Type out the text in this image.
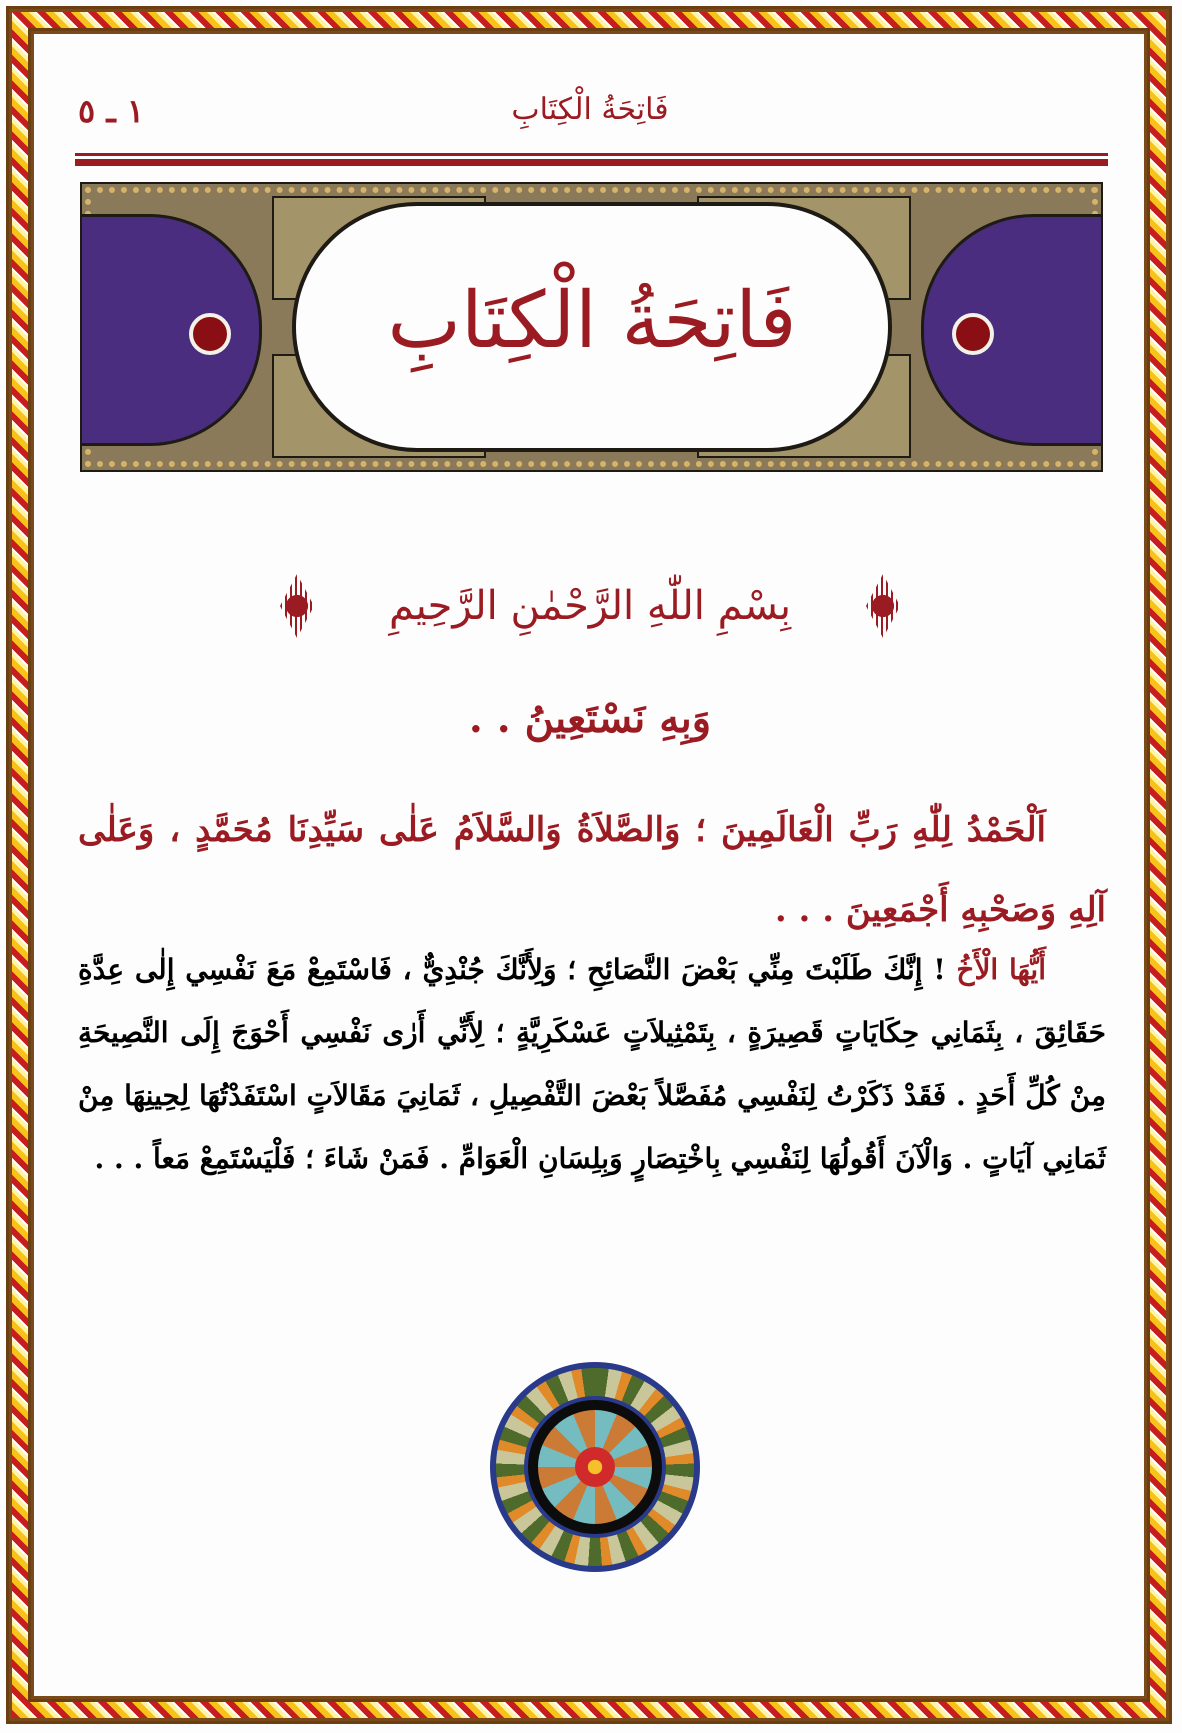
فَاتِحَةُ الْكِتَابِ
١ ـ ٥
فَاتِحَةُ الْكِتَابِ
بِسْمِ اللّٰهِ الرَّحْمٰنِ الرَّحِيمِ
وَبِهِ نَسْتَعِينُ . .
اَلْحَمْدُ لِلّٰهِ رَبِّ الْعَالَمِينَ ؛ وَالصَّلاَةُ وَالسَّلاَمُ عَلٰى سَيِّدِنَا مُحَمَّدٍ ، وَعَلٰى آلِهِ وَصَحْبِهِ أَجْمَعِينَ . . .
أَيُّهَا الْأَخُ ! إِنَّكَ طَلَبْتَ مِنِّي بَعْضَ النَّصَائِحِ ؛ وَلِأَنَّكَ جُنْدِيٌّ ، فَاسْتَمِعْ مَعَ نَفْسِي إِلٰى عِدَّةِ حَقَائِقَ ، بِثَمَانِي حِكَايَاتٍ قَصِيرَةٍ ، بِتَمْثِيلاَتٍ عَسْكَرِيَّةٍ ؛ لِأَنِّي أَرٰى نَفْسِي أَحْوَجَ إِلَى النَّصِيحَةِ مِنْ كُلِّ أَحَدٍ . فَقَدْ ذَكَرْتُ لِنَفْسِي مُفَصَّلاً بَعْضَ التَّفْصِيلِ ، ثَمَانِيَ مَقَالاَتٍ اسْتَفَدْتُهَا لِحِينِهَا مِنْ ثَمَانِي آيَاتٍ . وَالْآنَ أَقُولُهَا لِنَفْسِي بِاخْتِصَارٍ وَبِلِسَانِ الْعَوَامِّ . فَمَنْ شَاءَ ؛ فَلْيَسْتَمِعْ مَعاً . . .
